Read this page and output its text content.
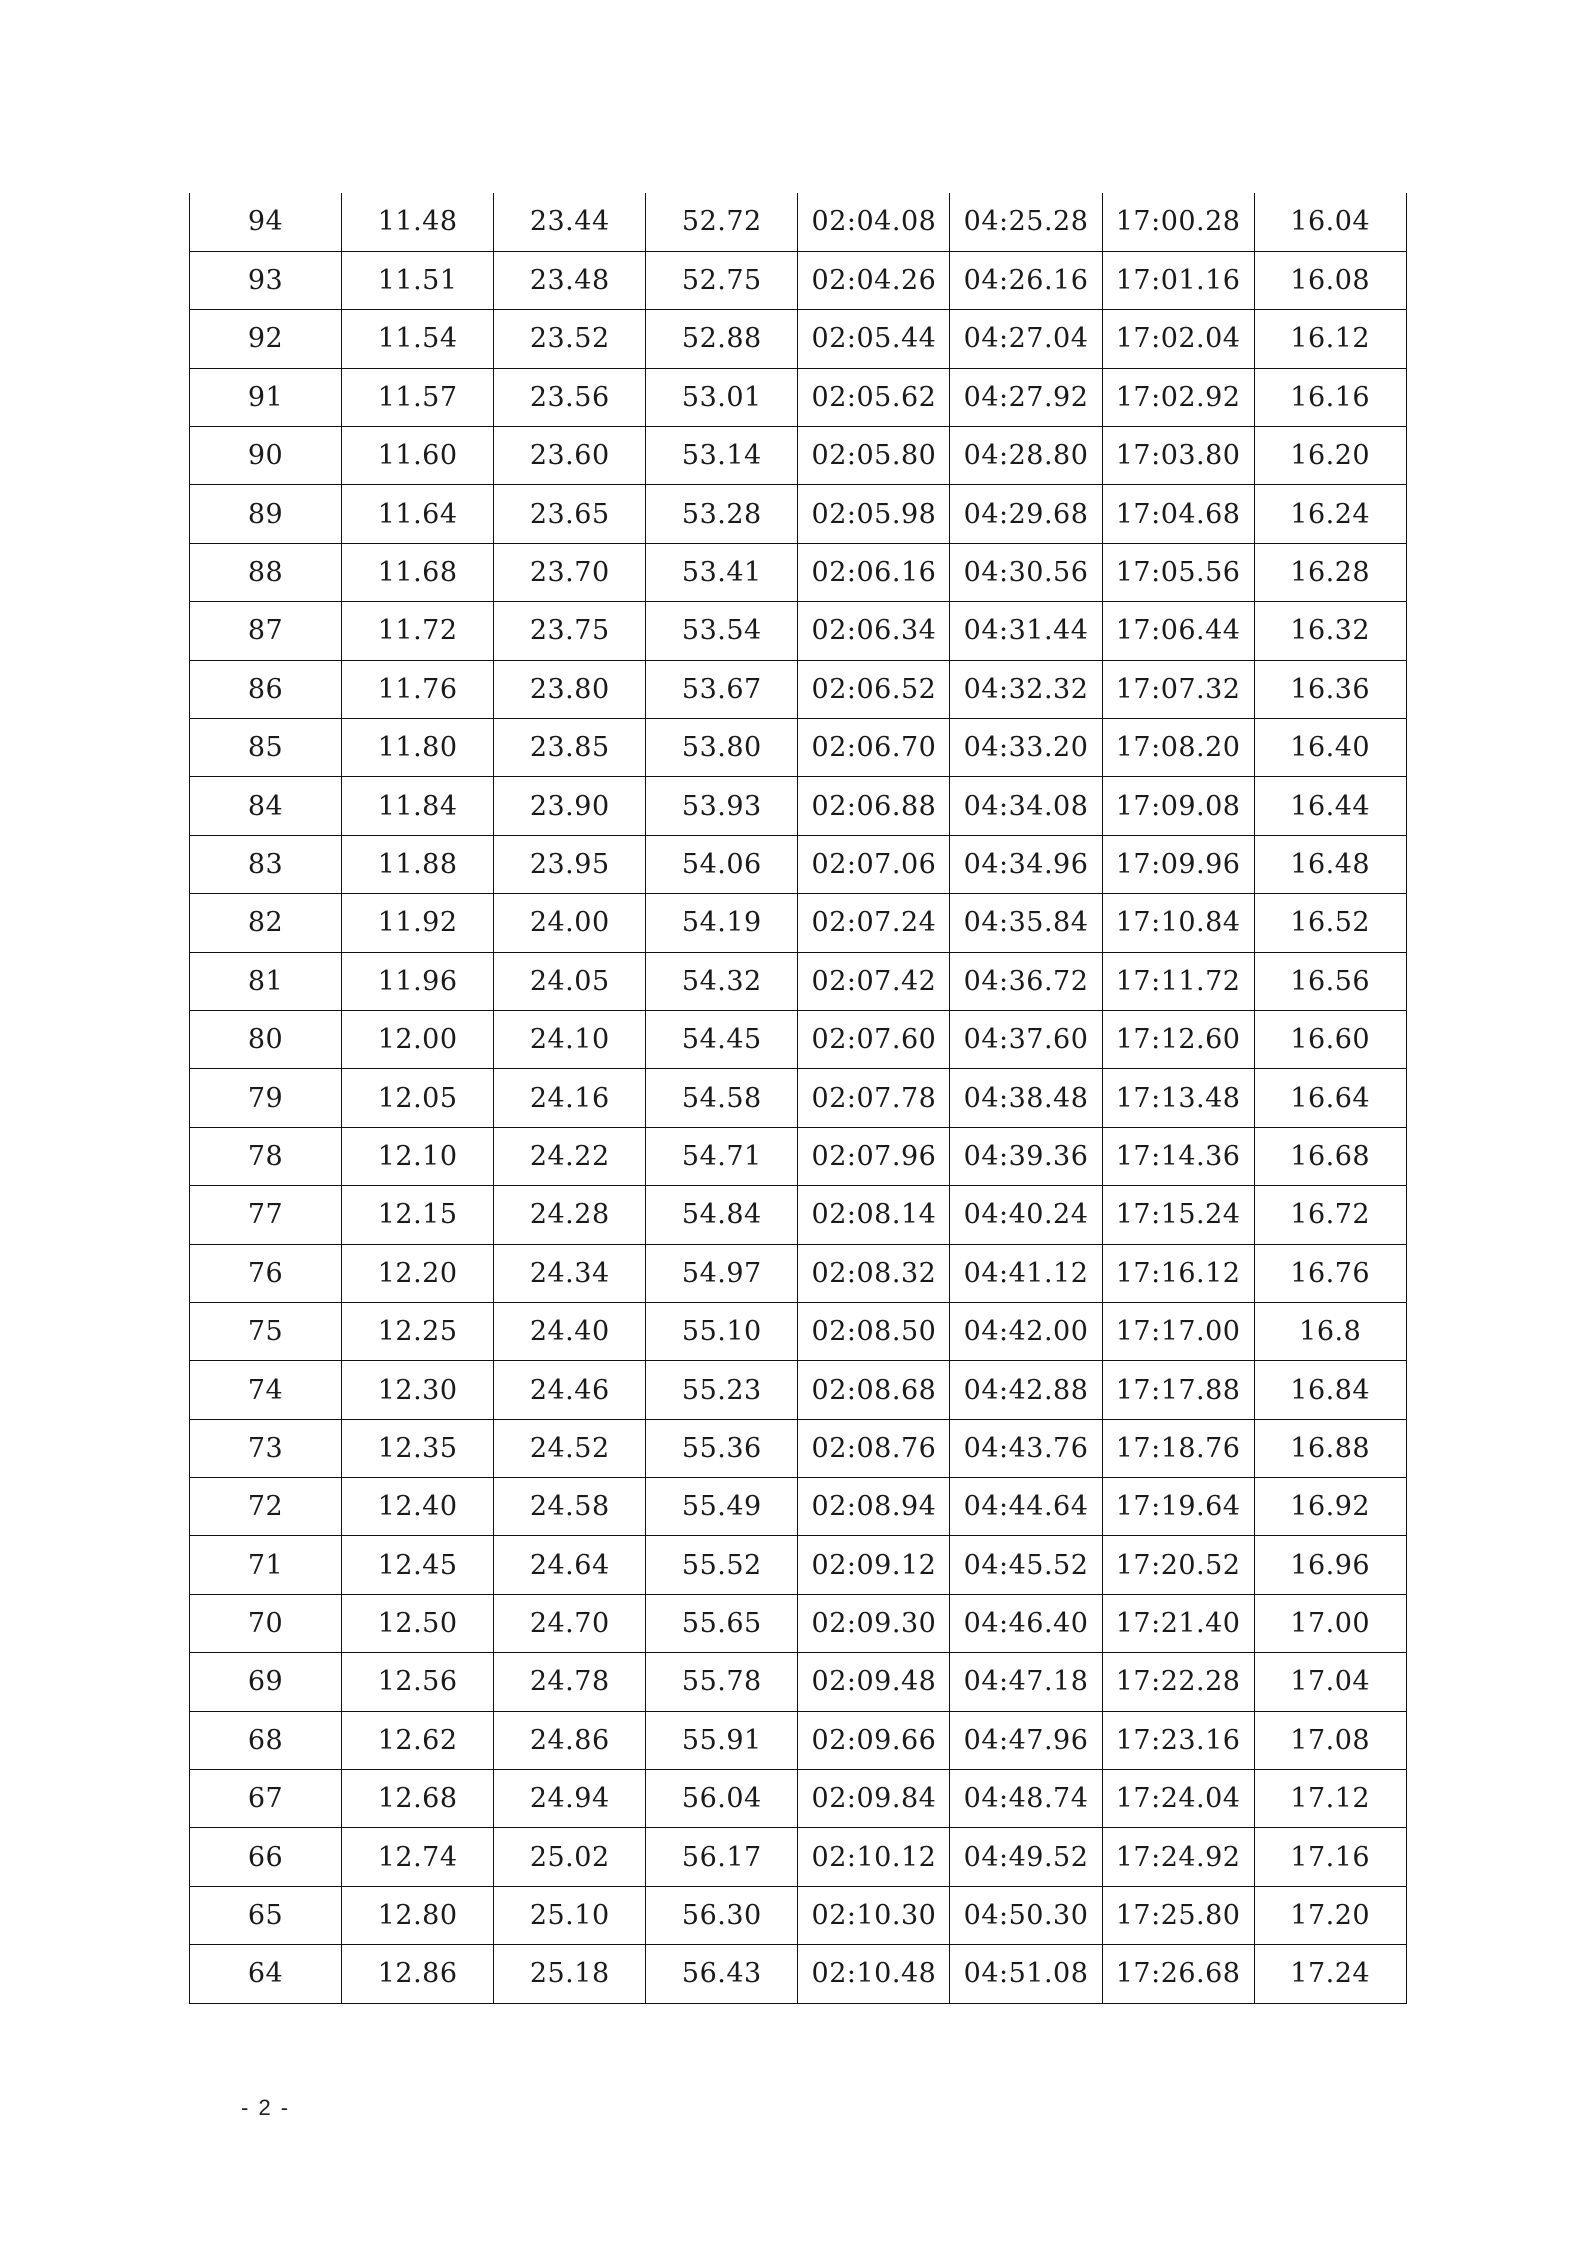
94	11.48	23.44	52.72	02:04.08	04:25.28	17:00.28	16.04
93	11.51	23.48	52.75	02:04.26	04:26.16	17:01.16	16.08
92	11.54	23.52	52.88	02:05.44	04:27.04	17:02.04	16.12
91	11.57	23.56	53.01	02:05.62	04:27.92	17:02.92	16.16
90	11.60	23.60	53.14	02:05.80	04:28.80	17:03.80	16.20
89	11.64	23.65	53.28	02:05.98	04:29.68	17:04.68	16.24
88	11.68	23.70	53.41	02:06.16	04:30.56	17:05.56	16.28
87	11.72	23.75	53.54	02:06.34	04:31.44	17:06.44	16.32
86	11.76	23.80	53.67	02:06.52	04:32.32	17:07.32	16.36
85	11.80	23.85	53.80	02:06.70	04:33.20	17:08.20	16.40
84	11.84	23.90	53.93	02:06.88	04:34.08	17:09.08	16.44
83	11.88	23.95	54.06	02:07.06	04:34.96	17:09.96	16.48
82	11.92	24.00	54.19	02:07.24	04:35.84	17:10.84	16.52
81	11.96	24.05	54.32	02:07.42	04:36.72	17:11.72	16.56
80	12.00	24.10	54.45	02:07.60	04:37.60	17:12.60	16.60
79	12.05	24.16	54.58	02:07.78	04:38.48	17:13.48	16.64
78	12.10	24.22	54.71	02:07.96	04:39.36	17:14.36	16.68
77	12.15	24.28	54.84	02:08.14	04:40.24	17:15.24	16.72
76	12.20	24.34	54.97	02:08.32	04:41.12	17:16.12	16.76
75	12.25	24.40	55.10	02:08.50	04:42.00	17:17.00	16.8
74	12.30	24.46	55.23	02:08.68	04:42.88	17:17.88	16.84
73	12.35	24.52	55.36	02:08.76	04:43.76	17:18.76	16.88
72	12.40	24.58	55.49	02:08.94	04:44.64	17:19.64	16.92
71	12.45	24.64	55.52	02:09.12	04:45.52	17:20.52	16.96
70	12.50	24.70	55.65	02:09.30	04:46.40	17:21.40	17.00
69	12.56	24.78	55.78	02:09.48	04:47.18	17:22.28	17.04
68	12.62	24.86	55.91	02:09.66	04:47.96	17:23.16	17.08
67	12.68	24.94	56.04	02:09.84	04:48.74	17:24.04	17.12
66	12.74	25.02	56.17	02:10.12	04:49.52	17:24.92	17.16
65	12.80	25.10	56.30	02:10.30	04:50.30	17:25.80	17.20
64	12.86	25.18	56.43	02:10.48	04:51.08	17:26.68	17.24
- 2 -
